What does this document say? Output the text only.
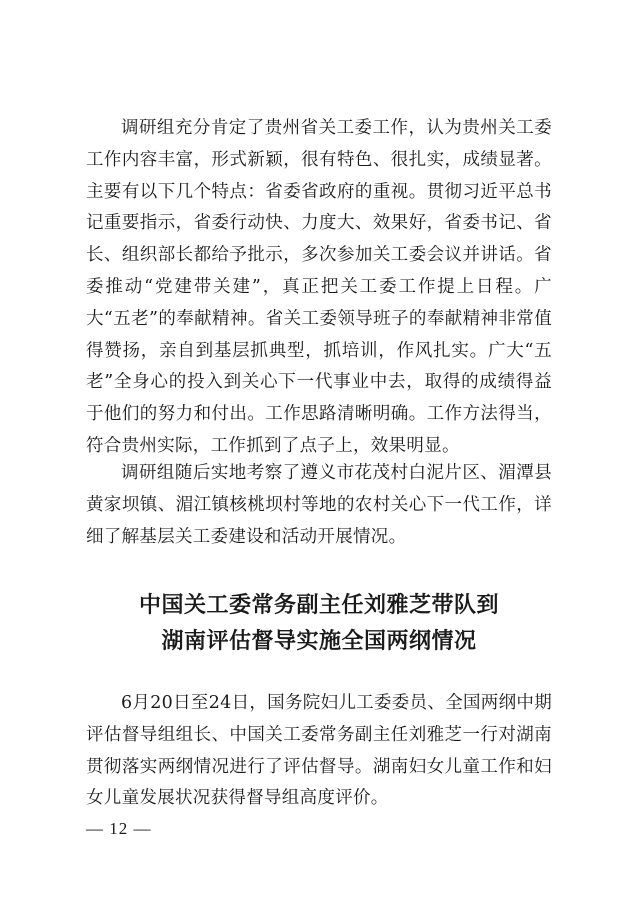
调研组充分肯定了贵州省关工委工作，认为贵州关工委工作内容丰富，形式新颖，很有特色、很扎实，成绩显著。主要有以下几个特点：省委省政府的重视。贯彻习近平总书记重要指示，省委行动快、力度大、效果好，省委书记、省长、组织部长都给予批示，多次参加关工委会议并讲话。省委推动“党建带关建”，真正把关工委工作提上日程。广大“五老”的奉献精神。省关工委领导班子的奉献精神非常值得赞扬，亲自到基层抓典型，抓培训，作风扎实。广大“五老”全身心的投入到关心下一代事业中去，取得的成绩得益于他们的努力和付出。工作思路清晰明确。工作方法得当，符合贵州实际，工作抓到了点子上，效果明显。

调研组随后实地考察了遵义市花茂村白泥片区、湄潭县黄家坝镇、湄江镇核桃坝村等地的农村关心下一代工作，详细了解基层关工委建设和活动开展情况。

中国关工委常务副主任刘雅芝带队到
湖南评估督导实施全国两纲情况

6月20日至24日，国务院妇儿工委委员、全国两纲中期评估督导组组长、中国关工委常务副主任刘雅芝一行对湖南贯彻落实两纲情况进行了评估督导。湖南妇女儿童工作和妇女儿童发展状况获得督导组高度评价。

— 12 —
